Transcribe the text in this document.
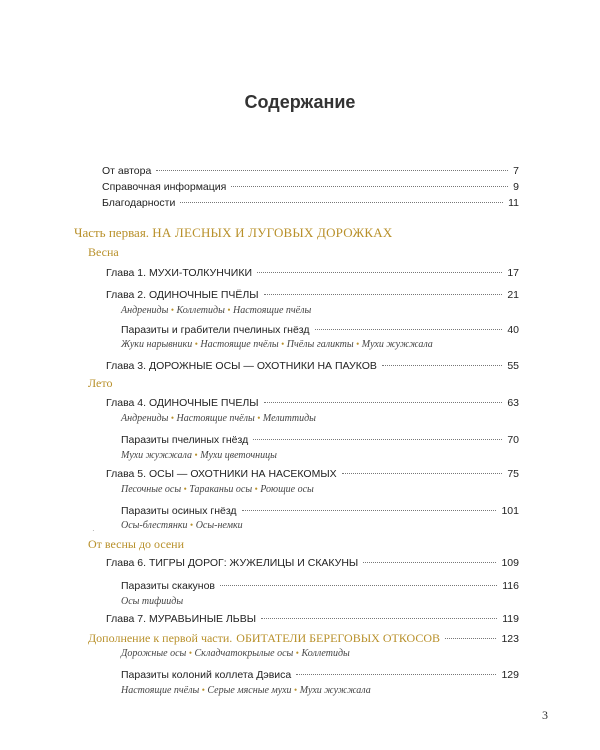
Содержание
От автора	7
Справочная информация	9
Благодарности	11
Часть первая. НА ЛЕСНЫХ И ЛУГОВЫХ ДОРОЖКАХ
Весна
Глава 1. МУХИ-ТОЛКУНЧИКИ	17
Глава 2. ОДИНОЧНЫЕ ПЧЁЛЫ	21
Андрениды • Коллетиды • Настоящие пчёлы
Паразиты и грабители пчелиных гнёзд	40
Жуки нарывники • Настоящие пчёлы • Пчёлы галикты • Мухи жужжала
Глава 3. ДОРОЖНЫЕ ОСЫ — ОХОТНИКИ НА ПАУКОВ	55
Лето
Глава 4. ОДИНОЧНЫЕ ПЧЕЛЫ	63
Андрениды • Настоящие пчёлы • Мелиттиды
Паразиты пчелиных гнёзд	70
Мухи жужжала • Мухи цветочницы
Глава 5. ОСЫ — ОХОТНИКИ НА НАСЕКОМЫХ	75
Песочные осы • Тараканьи осы • Роющие осы
Паразиты осиных гнёзд	101
Осы-блестянки • Осы-немки
·
От весны до осени
Глава 6. ТИГРЫ ДОРОГ: ЖУЖЕЛИЦЫ И СКАКУНЫ	109
Паразиты скакунов	116
Осы тифииды
Глава 7. МУРАВЬИНЫЕ ЛЬВЫ	119
Дополнение к первой части. ОБИТАТЕЛИ БЕРЕГОВЫХ ОТКОСОВ	123
Дорожные осы • Складчатокрылые осы • Коллетиды
Паразиты колоний коллета Дэвиса	129
Настоящие пчёлы • Серые мясные мухи • Мухи жужжала
3
